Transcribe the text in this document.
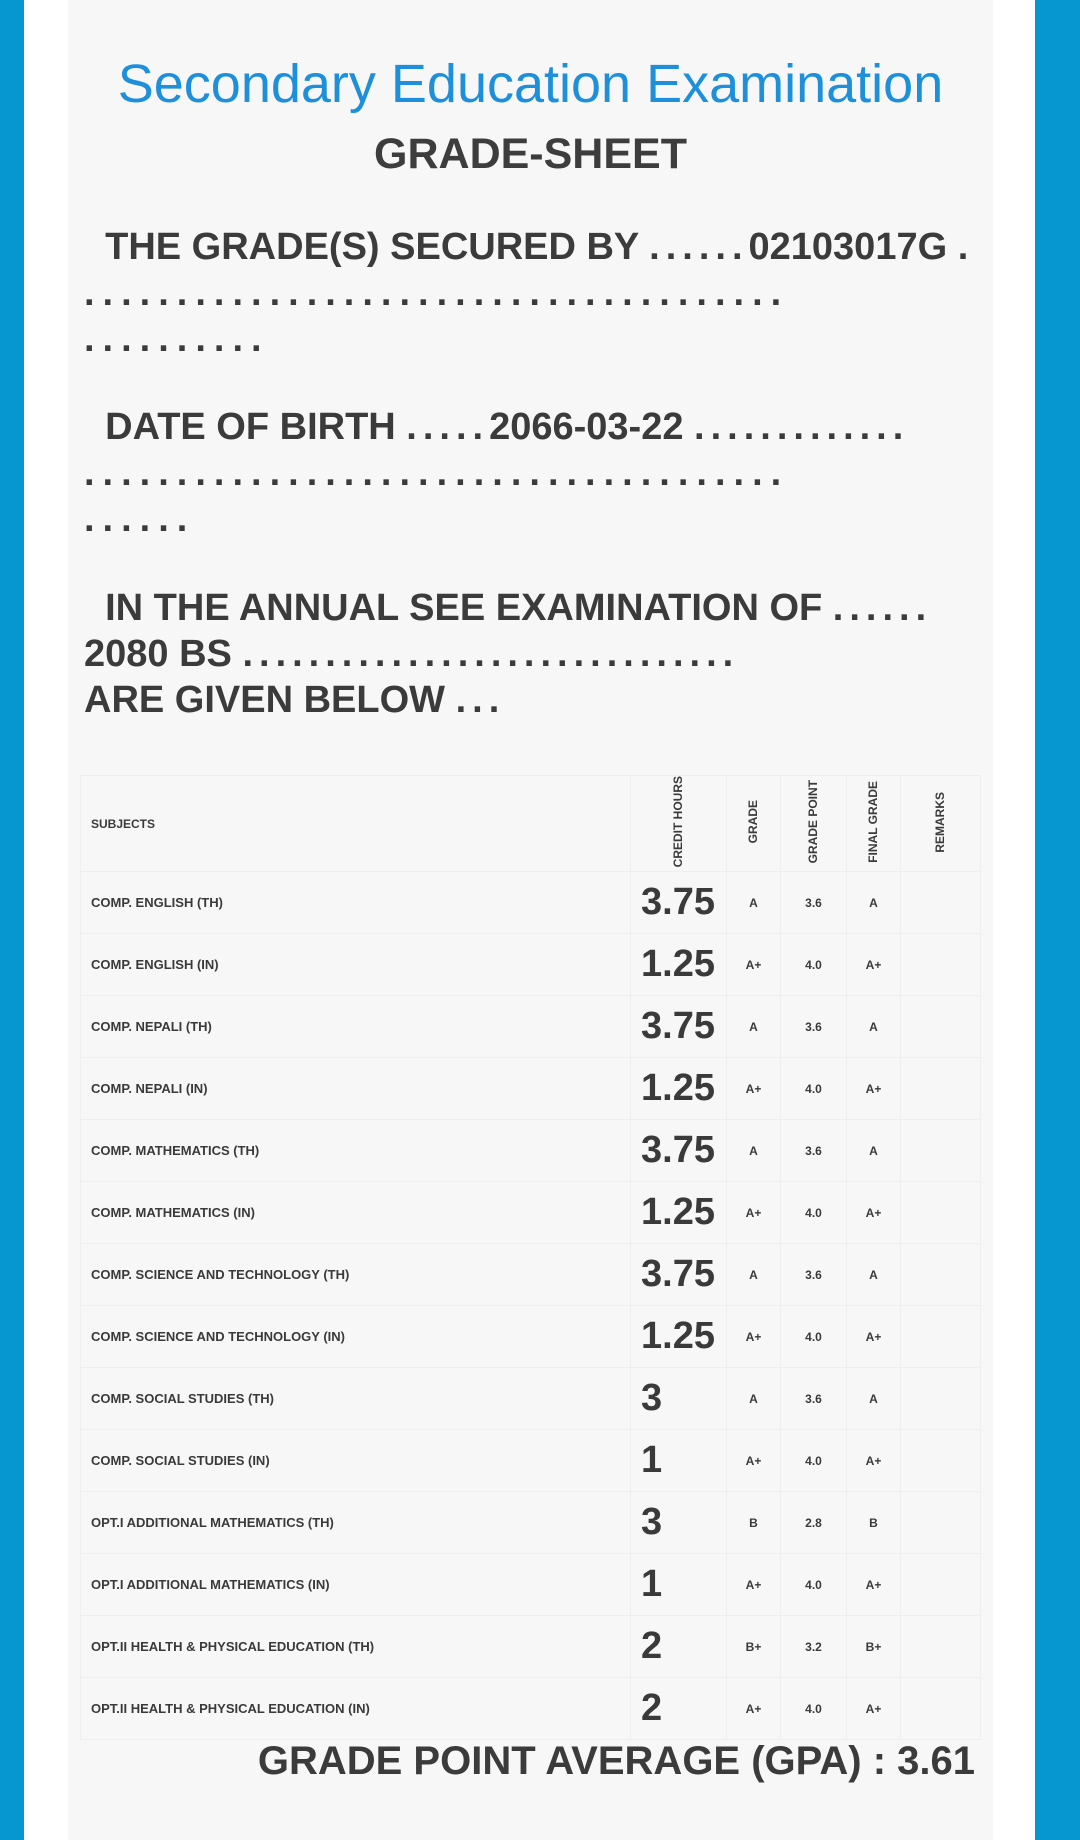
Secondary Education Examination
GRADE-SHEET
THE GRADE(S) SECURED BY ......02103017G .
......................................
..........
DATE OF BIRTH .....2066-03-22 .............
......................................
......
IN THE ANNUAL SEE EXAMINATION OF ......
2080 BS ..............................
ARE GIVEN BELOW ...
SUBJECTS	CREDIT HOURS	GRADE	GRADE POINT	FINAL GRADE	REMARKS
COMP. ENGLISH (TH)	3.75	A	3.6	A	
COMP. ENGLISH (IN)	1.25	A+	4.0	A+	
COMP. NEPALI (TH)	3.75	A	3.6	A	
COMP. NEPALI (IN)	1.25	A+	4.0	A+	
COMP. MATHEMATICS (TH)	3.75	A	3.6	A	
COMP. MATHEMATICS (IN)	1.25	A+	4.0	A+	
COMP. SCIENCE AND TECHNOLOGY (TH)	3.75	A	3.6	A	
COMP. SCIENCE AND TECHNOLOGY (IN)	1.25	A+	4.0	A+	
COMP. SOCIAL STUDIES (TH)	3	A	3.6	A	
COMP. SOCIAL STUDIES (IN)	1	A+	4.0	A+	
OPT.I ADDITIONAL MATHEMATICS (TH)	3	B	2.8	B	
OPT.I ADDITIONAL MATHEMATICS (IN)	1	A+	4.0	A+	
OPT.II HEALTH & PHYSICAL EDUCATION (TH)	2	B+	3.2	B+	
OPT.II HEALTH & PHYSICAL EDUCATION (IN)	2	A+	4.0	A+	
GRADE POINT AVERAGE (GPA) : 3.61
